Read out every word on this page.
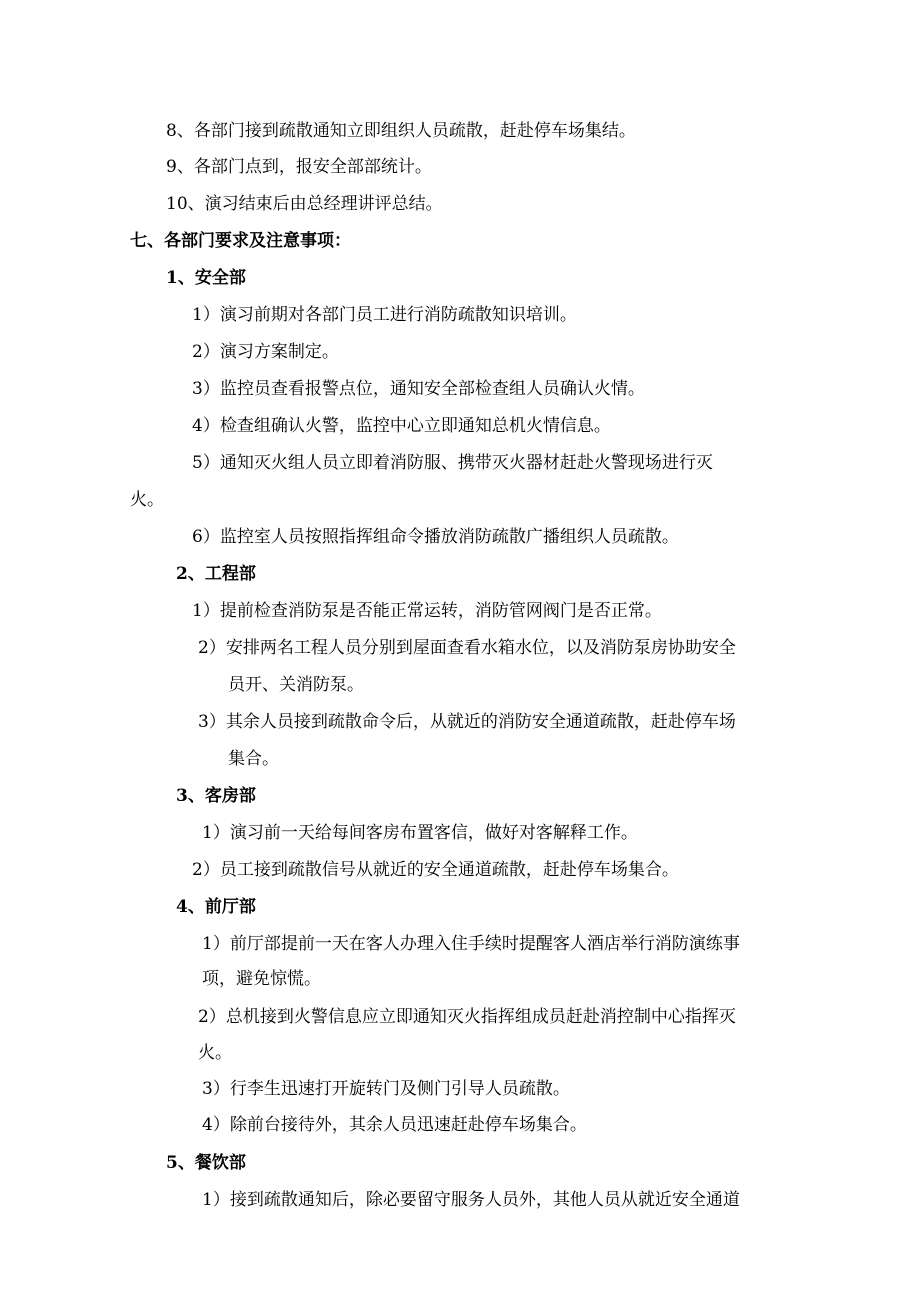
8、各部门接到疏散通知立即组织人员疏散，赶赴停车场集结。
9、各部门点到，报安全部部统计。
10、演习结束后由总经理讲评总结。
七、各部门要求及注意事项：
1、安全部
1）演习前期对各部门员工进行消防疏散知识培训。
2）演习方案制定。
3）监控员查看报警点位，通知安全部检查组人员确认火情。
4）检查组确认火警，监控中心立即通知总机火情信息。
5）通知灭火组人员立即着消防服、携带灭火器材赶赴火警现场进行灭
火。
6）监控室人员按照指挥组命令播放消防疏散广播组织人员疏散。
2、工程部
1）提前检查消防泵是否能正常运转，消防管网阀门是否正常。
2）安排两名工程人员分别到屋面查看水箱水位，以及消防泵房协助安全
员开、关消防泵。
3）其余人员接到疏散命令后，从就近的消防安全通道疏散，赶赴停车场
集合。
3、客房部
1）演习前一天给每间客房布置客信，做好对客解释工作。
2）员工接到疏散信号从就近的安全通道疏散，赶赴停车场集合。
4、前厅部
1）前厅部提前一天在客人办理入住手续时提醒客人酒店举行消防演练事
项，避免惊慌。
2）总机接到火警信息应立即通知灭火指挥组成员赶赴消控制中心指挥灭
火。
3）行李生迅速打开旋转门及侧门引导人员疏散。
4）除前台接待外，其余人员迅速赶赴停车场集合。
5、餐饮部
1）接到疏散通知后，除必要留守服务人员外，其他人员从就近安全通道
